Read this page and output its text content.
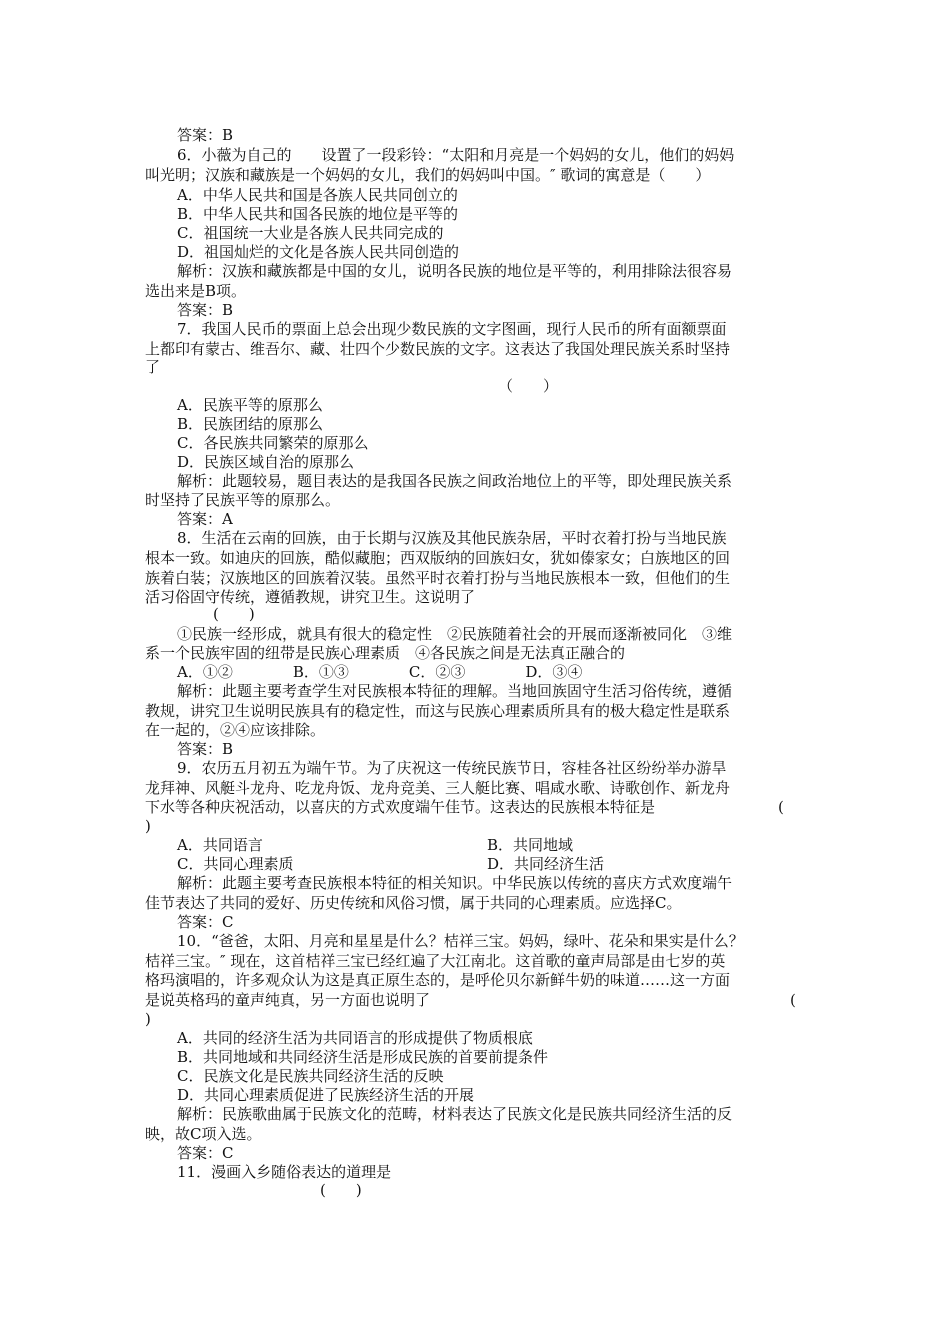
答案：B
6．小薇为自己的　　设置了一段彩铃：“太阳和月亮是一个妈妈的女儿，他们的妈妈
叫光明；汉族和藏族是一个妈妈的女儿，我们的妈妈叫中国。″ 歌词的寓意是（　　）
A．中华人民共和国是各族人民共同创立的
B．中华人民共和国各民族的地位是平等的
C．祖国统一大业是各族人民共同完成的
D．祖国灿烂的文化是各族人民共同创造的
解析：汉族和藏族都是中国的女儿，说明各民族的地位是平等的，利用排除法很容易
选出来是B项。
答案：B
7．我国人民币的票面上总会出现少数民族的文字图画，现行人民币的所有面额票面
上都印有蒙古、维吾尔、藏、壮四个少数民族的文字。这表达了我国处理民族关系时坚持
了
（　　）
A．民族平等的原那么
B．民族团结的原那么
C．各民族共同繁荣的原那么
D．民族区域自治的原那么
解析：此题较易，题目表达的是我国各民族之间政治地位上的平等，即处理民族关系
时坚持了民族平等的原那么。
答案：A
8．生活在云南的回族，由于长期与汉族及其他民族杂居，平时衣着打扮与当地民族
根本一致。如迪庆的回族，酷似藏胞；西双版纳的回族妇女，犹如傣家女；白族地区的回
族着白装；汉族地区的回族着汉装。虽然平时衣着打扮与当地民族根本一致，但他们的生
活习俗固守传统，遵循教规，讲究卫生。这说明了
(　　)
①民族一经形成，就具有很大的稳定性　②民族随着社会的开展而逐渐被同化　③维
系一个民族牢固的纽带是民族心理素质　④各民族之间是无法真正融合的
A．①②　　　　B．①③　　　　C．②③　　　　D．③④
解析：此题主要考查学生对民族根本特征的理解。当地回族固守生活习俗传统，遵循
教规，讲究卫生说明民族具有的稳定性，而这与民族心理素质所具有的极大稳定性是联系
在一起的，②④应该排除。
答案：B
9．农历五月初五为端午节。为了庆祝这一传统民族节日，容桂各社区纷纷举办游旱
龙拜神、风艇斗龙舟、吃龙舟饭、龙舟竞美、三人艇比赛、唱咸水歌、诗歌创作、新龙舟
下水等各种庆祝活动，以喜庆的方式欢度端午佳节。这表达的民族根本特征是	(
)
A．共同语言	B．共同地域
C．共同心理素质	D．共同经济生活
解析：此题主要考查民族根本特征的相关知识。中华民族以传统的喜庆方式欢度端午
佳节表达了共同的爱好、历史传统和风俗习惯，属于共同的心理素质。应选择C。
答案：C
10．“爸爸，太阳、月亮和星星是什么？桔祥三宝。妈妈，绿叶、花朵和果实是什么？
桔祥三宝。″ 现在，这首桔祥三宝已经红遍了大江南北。这首歌的童声局部是由七岁的英
格玛演唱的，许多观众认为这是真正原生态的，是呼伦贝尔新鲜牛奶的味道……这一方面
是说英格玛的童声纯真，另一方面也说明了	(
)
A．共同的经济生活为共同语言的形成提供了物质根底
B．共同地域和共同经济生活是形成民族的首要前提条件
C．民族文化是民族共同经济生活的反映
D．共同心理素质促进了民族经济生活的开展
解析：民族歌曲属于民族文化的范畴，材料表达了民族文化是民族共同经济生活的反
映，故C项入选。
答案：C
11．漫画入乡随俗表达的道理是
(　　)
